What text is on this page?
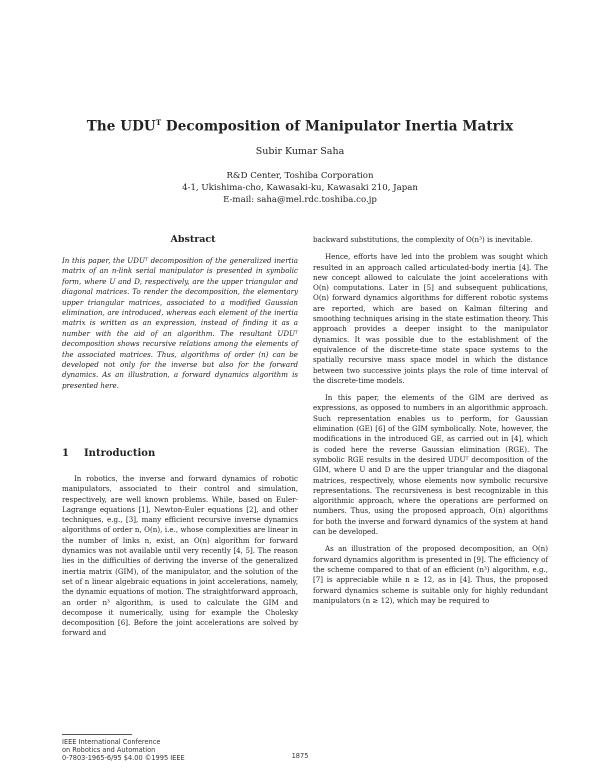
The $UDU^T$ Decomposition of Manipulator Inertia Matrix
Subir Kumar Saha
R&D Center, Toshiba Corporation
4-1, Ukishima-cho, Kawasaki-ku, Kawasaki 210, Japan
E-mail: saha@mel.rdc.toshiba.co.jp
Abstract
In this paper, the UDUᵀ decomposition of the generalized inertia matrix of an n-link serial manipulator is presented in symbolic form, where U and D, respectively, are the upper triangular and diagonal matrices. To render the decomposition, the elementary upper triangular matrices, associated to a modified Gaussian elimination, are introduced, whereas each element of the inertia matrix is written as an expression, instead of finding it as a number with the aid of an algorithm. The resultant UDUᵀ decomposition shows recursive relations among the elements of the associated matrices. Thus, algorithms of order (n) can be developed not only for the inverse but also for the forward dynamics. As an illustration, a forward dynamics algorithm is presented here.
1 Introduction

In robotics, the inverse and forward dynamics of robotic manipulators, associated to their control and simulation, respectively, are well known problems. While, based on Euler-Lagrange equations [1], Newton-Euler equations [2], and other techniques, e.g., [3], many efficient recursive inverse dynamics algorithms of order n, O(n), i.e., whose complexities are linear in the number of links n, exist, an O(n) algorithm for forward dynamics was not available until very recently [4, 5]. The reason lies in the difficulties of deriving the inverse of the generalized inertia matrix (GIM), of the manipulator, and the solution of the set of n linear algebraic equations in joint accelerations, namely, the dynamic equations of motion. The straightforward approach, an order n³ algorithm, is used to calculate the GIM and decompose it numerically, using for example the Cholesky decomposition [6]. Before the joint accelerations are solved by forward and

backward substitutions, the complexity of O(n³) is inevitable.

Hence, efforts have led into the problem was sought which resulted in an approach called articulated-body inertia [4]. The new concept allowed to calculate the joint accelerations with O(n) computations. Later in [5] and subsequent publications, O(n) forward dynamics algorithms for different robotic systems are reported, which are based on Kalman filtering and smoothing techniques arising in the state estimation theory. This approach provides a deeper insight to the manipulator dynamics. It was possible due to the establishment of the equivalence of the discrete-time state space systems to the spatially recursive mass space model in which the distance between two successive joints plays the role of time interval of the discrete-time models.

In this paper, the elements of the GIM are derived as expressions, as opposed to numbers in an algorithmic approach. Such representation enables us to perform, for Gaussian elimination (GE) [6] of the GIM symbolically. Note, however, the modifications in the introduced GE, as carried out in [4], which is coded here the reverse Gaussian elimination (RGE). The symbolic RGE results in the desired UDUᵀ decomposition of the GIM, where U and D are the upper triangular and the diagonal matrices, respectively, whose elements now symbolic recursive representations. The recursiveness is best recognizable in this algorithmic approach, where the operations are performed on numbers. Thus, using the proposed approach, O(n) algorithms for both the inverse and forward dynamics of the system at hand can be developed.

As an illustration of the proposed decomposition, an O(n) forward dynamics algorithm is presented in [9]. The efficiency of the scheme compared to that of an efficient (n³) algorithm, e.g., [7] is appreciable while n ≥ 12, as in [4]. Thus, the proposed forward dynamics scheme is suitable only for highly redundant manipulators (n ≥ 12), which may be required to

IEEE International Conference
on Robotics and Automation
0-7803-1965-6/95 $4.00 ©1995 IEEE	1875
